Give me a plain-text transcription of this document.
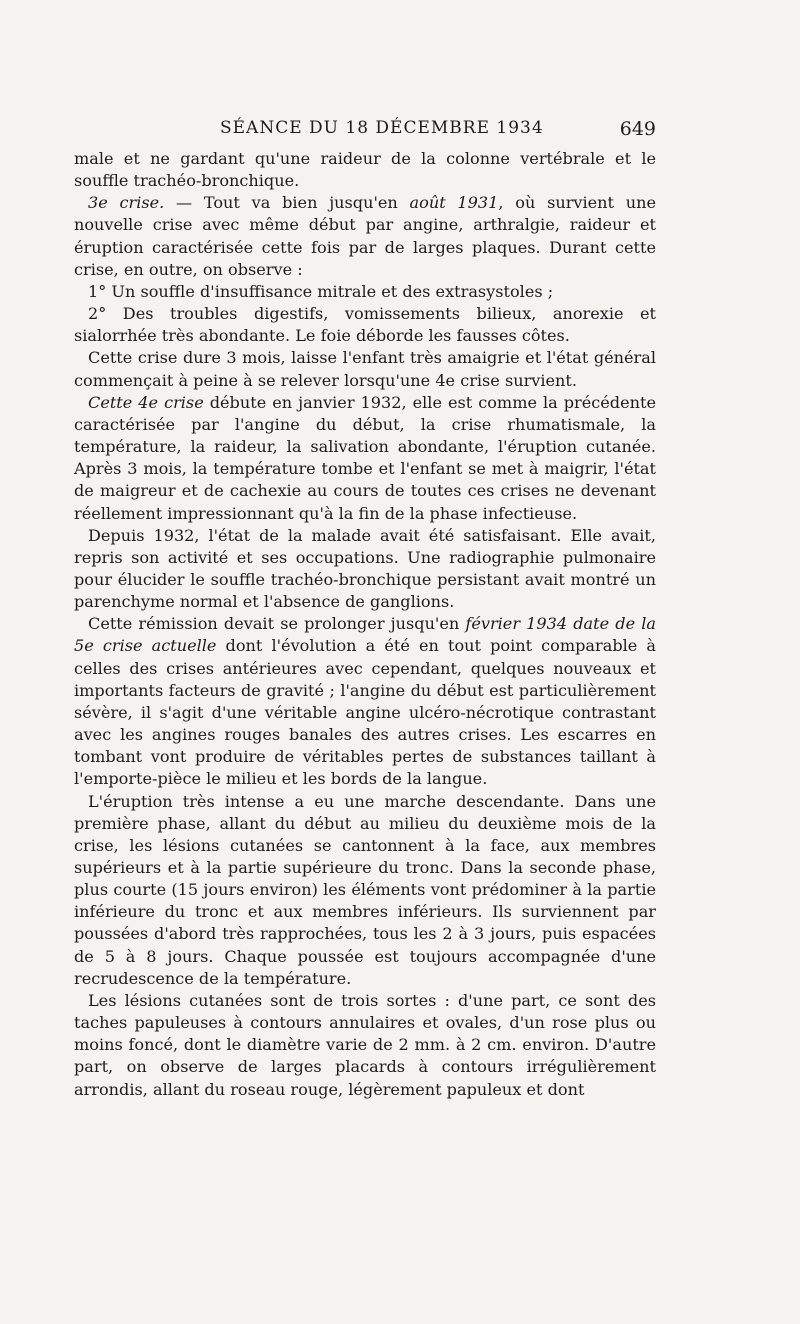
SÉANCE DU 18 DÉCEMBRE 1934	649

male et ne gardant qu'une raideur de la colonne vertébrale et le souffle trachéo-bronchique.

3e crise. — Tout va bien jusqu'en août 1931, où survient une nouvelle crise avec même début par angine, arthralgie, raideur et éruption caractérisée cette fois par de larges plaques. Durant cette crise, en outre, on observe :

1° Un souffle d'insuffisance mitrale et des extrasystoles ;

2° Des troubles digestifs, vomissements bilieux, anorexie et sialorrhée très abondante. Le foie déborde les fausses côtes.

Cette crise dure 3 mois, laisse l'enfant très amaigrie et l'état général commençait à peine à se relever lorsqu'une 4e crise survient.

Cette 4e crise débute en janvier 1932, elle est comme la précédente caractérisée par l'angine du début, la crise rhumatismale, la température, la raideur, la salivation abondante, l'éruption cutanée. Après 3 mois, la température tombe et l'enfant se met à maigrir, l'état de maigreur et de cachexie au cours de toutes ces crises ne devenant réellement impressionnant qu'à la fin de la phase infectieuse.

Depuis 1932, l'état de la malade avait été satisfaisant. Elle avait, repris son activité et ses occupations. Une radiographie pulmonaire pour élucider le souffle trachéo-bronchique persistant avait montré un parenchyme normal et l'absence de ganglions.

Cette rémission devait se prolonger jusqu'en février 1934 date de la 5e crise actuelle dont l'évolution a été en tout point comparable à celles des crises antérieures avec cependant, quelques nouveaux et importants facteurs de gravité ; l'angine du début est particulièrement sévère, il s'agit d'une véritable angine ulcéro-nécrotique contrastant avec les angines rouges banales des autres crises. Les escarres en tombant vont produire de véritables pertes de substances taillant à l'emporte-pièce le milieu et les bords de la langue.

L'éruption très intense a eu une marche descendante. Dans une première phase, allant du début au milieu du deuxième mois de la crise, les lésions cutanées se cantonnent à la face, aux membres supérieurs et à la partie supérieure du tronc. Dans la seconde phase, plus courte (15 jours environ) les éléments vont prédominer à la partie inférieure du tronc et aux membres inférieurs. Ils surviennent par poussées d'abord très rapprochées, tous les 2 à 3 jours, puis espacées de 5 à 8 jours. Chaque poussée est toujours accompagnée d'une recrudescence de la température.

Les lésions cutanées sont de trois sortes : d'une part, ce sont des taches papuleuses à contours annulaires et ovales, d'un rose plus ou moins foncé, dont le diamètre varie de 2 mm. à 2 cm. environ. D'autre part, on observe de larges placards à contours irrégulièrement arrondis, allant du roseau rouge, légèrement papuleux et dont
